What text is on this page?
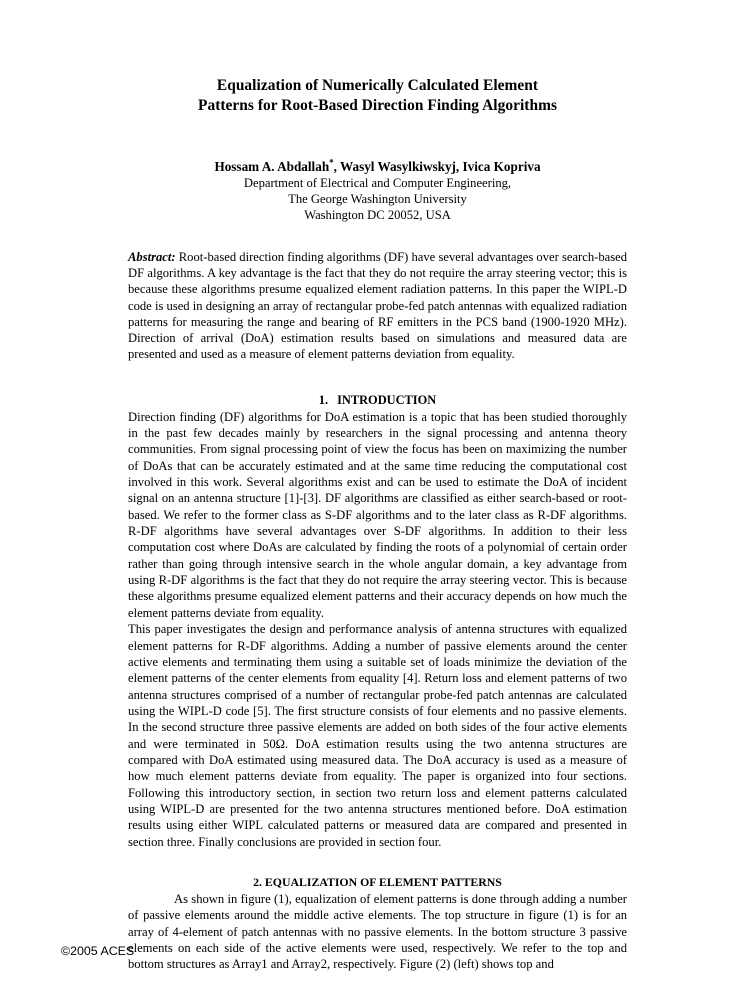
Equalization of Numerically Calculated Element
Patterns for Root-Based Direction Finding Algorithms
Hossam A. Abdallah*, Wasyl Wasylkiwskyj, Ivica Kopriva
Department of Electrical and Computer Engineering,
The George Washington University
Washington DC 20052, USA
Abstract: Root-based direction finding algorithms (DF) have several advantages over search-based DF algorithms. A key advantage is the fact that they do not require the array steering vector; this is because these algorithms presume equalized element radiation patterns. In this paper the WIPL-D code is used in designing an array of rectangular probe-fed patch antennas with equalized radiation patterns for measuring the range and bearing of RF emitters in the PCS band (1900-1920 MHz). Direction of arrival (DoA) estimation results based on simulations and measured data are presented and used as a measure of element patterns deviation from equality.
1. INTRODUCTION

Direction finding (DF) algorithms for DoA estimation is a topic that has been studied thoroughly in the past few decades mainly by researchers in the signal processing and antenna theory communities. From signal processing point of view the focus has been on maximizing the number of DoAs that can be accurately estimated and at the same time reducing the computational cost involved in this work. Several algorithms exist and can be used to estimate the DoA of incident signal on an antenna structure [1]-[3]. DF algorithms are classified as either search-based or root-based. We refer to the former class as S-DF algorithms and to the later class as R-DF algorithms. R-DF algorithms have several advantages over S-DF algorithms. In addition to their less computation cost where DoAs are calculated by finding the roots of a polynomial of certain order rather than going through intensive search in the whole angular domain, a key advantage from using R-DF algorithms is the fact that they do not require the array steering vector. This is because these algorithms presume equalized element patterns and their accuracy depends on how much the element patterns deviate from equality.

This paper investigates the design and performance analysis of antenna structures with equalized element patterns for R-DF algorithms. Adding a number of passive elements around the center active elements and terminating them using a suitable set of loads minimize the deviation of the element patterns of the center elements from equality [4]. Return loss and element patterns of two antenna structures comprised of a number of rectangular probe-fed patch antennas are calculated using the WIPL-D code [5]. The first structure consists of four elements and no passive elements. In the second structure three passive elements are added on both sides of the four active elements and were terminated in 50Ω. DoA estimation results using the two antenna structures are compared with DoA estimated using measured data. The DoA accuracy is used as a measure of how much element patterns deviate from equality. The paper is organized into four sections. Following this introductory section, in section two return loss and element patterns calculated using WIPL-D are presented for the two antenna structures mentioned before. DoA estimation results using either WIPL calculated patterns or measured data are compared and presented in section three. Finally conclusions are provided in section four.

2. EQUALIZATION OF ELEMENT PATTERNS

As shown in figure (1), equalization of element patterns is done through adding a number of passive elements around the middle active elements. The top structure in figure (1) is for an array of 4-element of patch antennas with no passive elements. In the bottom structure 3 passive elements on each side of the active elements were used, respectively. We refer to the top and bottom structures as Array1 and Array2, respectively. Figure (2) (left) shows top and

©2005 ACES
